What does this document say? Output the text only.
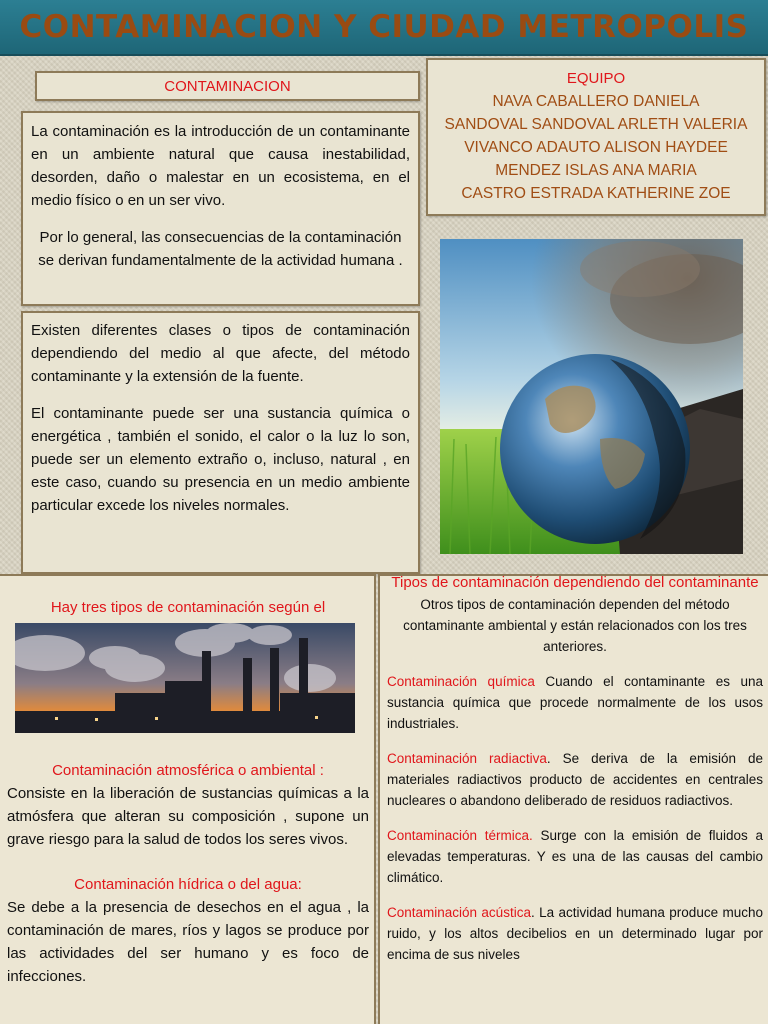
CONTAMINACION Y CIUDAD METROPOLIS
CONTAMINACION	EQUIPO
NAVA CABALLERO DANIELA
SANDOVAL SANDOVAL ARLETH VALERIA
VIVANCO ADAUTO ALISON HAYDEE
MENDEZ ISLAS ANA MARIA
CASTRO ESTRADA KATHERINE ZOE

La contaminación es la introducción de un contaminante en un ambiente natural que causa inestabilidad, desorden, daño o malestar en un ecosistema, en el medio físico o en un ser vivo.

Por lo general, las consecuencias de la contaminación se derivan fundamentalmente de la actividad humana .

Existen diferentes clases o tipos de contaminación dependiendo del medio al que afecte, del método contaminante y la extensión de la fuente.

El contaminante puede ser una sustancia química o energética , también el sonido, el calor o la luz lo son, puede ser un elemento extraño o, incluso, natural , en este caso, cuando su presencia en un medio ambiente particular excede los niveles normales.

Hay tres tipos de contaminación según el
Contaminación atmosférica o ambiental :

Consiste en la liberación de sustancias químicas a la atmósfera que alteran su composición , supone un grave riesgo para la salud de todos los seres vivos.

Contaminación hídrica o del agua:

Se debe a la presencia de desechos en el agua , la contaminación de mares, ríos y lagos se produce por las actividades del ser humano y es foco de infecciones.

Tipos de contaminación dependiendo del contaminante

Otros tipos de contaminación dependen del método contaminante ambiental y están relacionados con los tres anteriores.

Contaminación química Cuando el contaminante es una sustancia química que procede normalmente de los usos industriales.

Contaminación radiactiva. Se deriva de la emisión de materiales radiactivos producto de accidentes en centrales nucleares o abandono deliberado de residuos radiactivos.

Contaminación térmica. Surge con la emisión de fluidos a elevadas temperaturas. Y es una de las causas del cambio climático.

Contaminación acústica. La actividad humana produce mucho ruido, y los altos decibelios en un determinado lugar por encima de sus niveles
